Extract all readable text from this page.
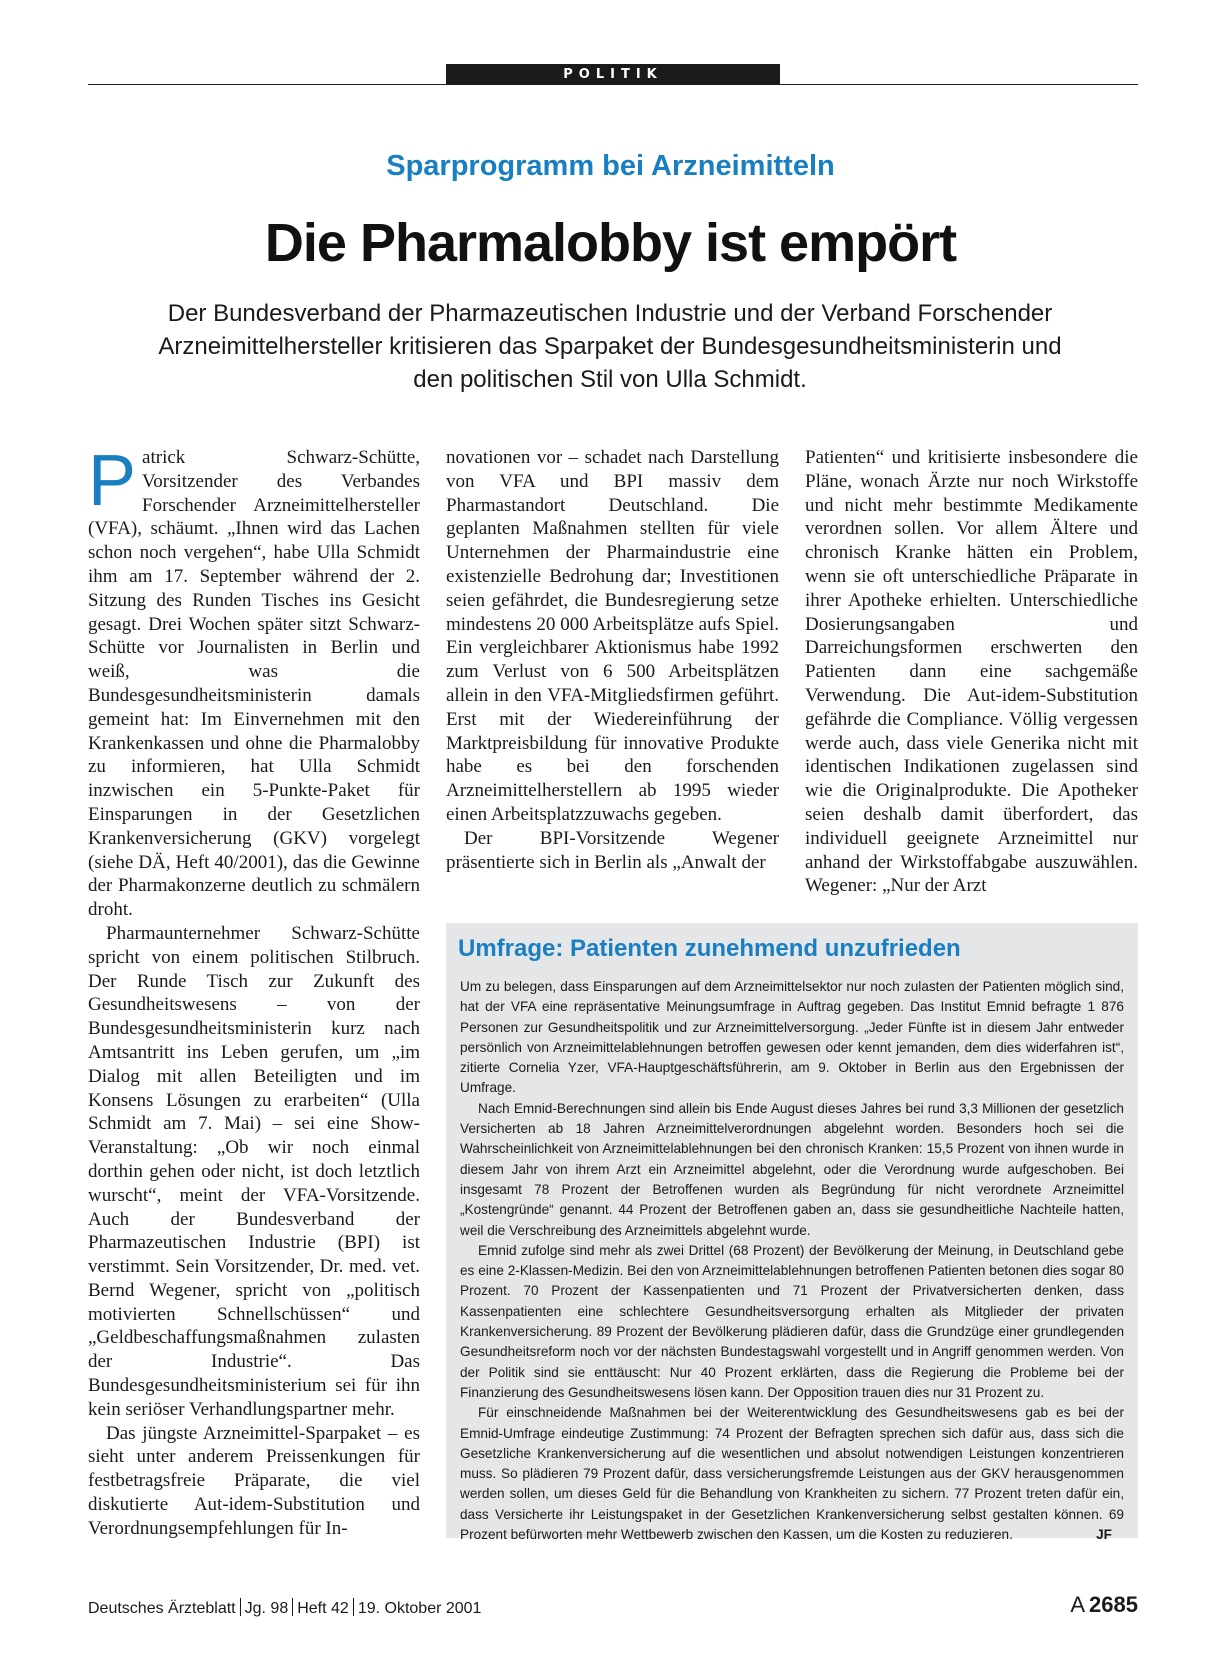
POLITIK
Sparprogramm bei Arzneimitteln
Die Pharmalobby ist empört
Der Bundesverband der Pharmazeutischen Industrie und der Verband Forschender Arzneimittelhersteller kritisieren das Sparpaket der Bundesgesundheitsministerin und den politischen Stil von Ulla Schmidt.

Patrick Schwarz-Schütte, Vorsitzender des Verbandes Forschender Arzneimittelhersteller (VFA), schäumt. „Ihnen wird das Lachen schon noch vergehen“, habe Ulla Schmidt ihm am 17. September während der 2. Sitzung des Runden Tisches ins Gesicht gesagt. Drei Wochen später sitzt Schwarz-Schütte vor Journalisten in Berlin und weiß, was die Bundesgesundheitsministerin damals gemeint hat: Im Einvernehmen mit den Krankenkassen und ohne die Pharmalobby zu informieren, hat Ulla Schmidt inzwischen ein 5-Punkte-Paket für Einsparungen in der Gesetzlichen Krankenversicherung (GKV) vorgelegt (siehe DÄ, Heft 40/2001), das die Gewinne der Pharmakonzerne deutlich zu schmälern droht.

Pharmaunternehmer Schwarz-Schütte spricht von einem politischen Stilbruch. Der Runde Tisch zur Zukunft des Gesundheitswesens – von der Bundesgesundheitsministerin kurz nach Amtsantritt ins Leben gerufen, um „im Dialog mit allen Beteiligten und im Konsens Lösungen zu erarbeiten“ (Ulla Schmidt am 7. Mai) – sei eine Show-Veranstaltung: „Ob wir noch einmal dorthin gehen oder nicht, ist doch letztlich wurscht“, meint der VFA-Vorsitzende. Auch der Bundesverband der Pharmazeutischen Industrie (BPI) ist verstimmt. Sein Vorsitzender, Dr. med. vet. Bernd Wegener, spricht von „politisch motivierten Schnellschüssen“ und „Geldbeschaffungsmaßnahmen zulasten der Industrie“. Das Bundesgesundheitsministerium sei für ihn kein seriöser Verhandlungspartner mehr.

Das jüngste Arzneimittel-Sparpaket – es sieht unter anderem Preissenkungen für festbetragsfreie Präparate, die viel diskutierte Aut-idem-Substitution und Verordnungsempfehlungen für In-

novationen vor – schadet nach Darstellung von VFA und BPI massiv dem Pharmastandort Deutschland. Die geplanten Maßnahmen stellten für viele Unternehmen der Pharmaindustrie eine existenzielle Bedrohung dar; Investitionen seien gefährdet, die Bundesregierung setze mindestens 20 000 Arbeitsplätze aufs Spiel. Ein vergleichbarer Aktionismus habe 1992 zum Verlust von 6 500 Arbeitsplätzen allein in den VFA-Mitgliedsfirmen geführt. Erst mit der Wiedereinführung der Marktpreisbildung für innovative Produkte habe es bei den forschenden Arzneimittelherstellern ab 1995 wieder einen Arbeitsplatzzuwachs gegeben.

Der BPI-Vorsitzende Wegener präsentierte sich in Berlin als „Anwalt der

Patienten“ und kritisierte insbesondere die Pläne, wonach Ärzte nur noch Wirkstoffe und nicht mehr bestimmte Medikamente verordnen sollen. Vor allem Ältere und chronisch Kranke hätten ein Problem, wenn sie oft unterschiedliche Präparate in ihrer Apotheke erhielten. Unterschiedliche Dosierungsangaben und Darreichungsformen erschwerten den Patienten dann eine sachgemäße Verwendung. Die Aut-idem-Substitution gefährde die Compliance. Völlig vergessen werde auch, dass viele Generika nicht mit identischen Indikationen zugelassen sind wie die Originalprodukte. Die Apotheker seien deshalb damit überfordert, das individuell geeignete Arzneimittel nur anhand der Wirkstoffabgabe auszuwählen. Wegener: „Nur der Arzt

Umfrage: Patienten zunehmend unzufrieden

Um zu belegen, dass Einsparungen auf dem Arzneimittelsektor nur noch zulasten der Patienten möglich sind, hat der VFA eine repräsentative Meinungsumfrage in Auftrag gegeben. Das Institut Emnid befragte 1 876 Personen zur Gesundheitspolitik und zur Arzneimittelversorgung. „Jeder Fünfte ist in diesem Jahr entweder persönlich von Arzneimittelablehnungen betroffen gewesen oder kennt jemanden, dem dies widerfahren ist“, zitierte Cornelia Yzer, VFA-Hauptgeschäftsführerin, am 9. Oktober in Berlin aus den Ergebnissen der Umfrage.

Nach Emnid-Berechnungen sind allein bis Ende August dieses Jahres bei rund 3,3 Millionen der gesetzlich Versicherten ab 18 Jahren Arzneimittelverordnungen abgelehnt worden. Besonders hoch sei die Wahrscheinlichkeit von Arzneimittelablehnungen bei den chronisch Kranken: 15,5 Prozent von ihnen wurde in diesem Jahr von ihrem Arzt ein Arzneimittel abgelehnt, oder die Verordnung wurde aufgeschoben. Bei insgesamt 78 Prozent der Betroffenen wurden als Begründung für nicht verordnete Arzneimittel „Kostengründe“ genannt. 44 Prozent der Betroffenen gaben an, dass sie gesundheitliche Nachteile hatten, weil die Verschreibung des Arzneimittels abgelehnt wurde.

Emnid zufolge sind mehr als zwei Drittel (68 Prozent) der Bevölkerung der Meinung, in Deutschland gebe es eine 2-Klassen-Medizin. Bei den von Arzneimittelablehnungen betroffenen Patienten betonen dies sogar 80 Prozent. 70 Prozent der Kassenpatienten und 71 Prozent der Privatversicherten denken, dass Kassenpatienten eine schlechtere Gesundheitsversorgung erhalten als Mitglieder der privaten Krankenversicherung. 89 Prozent der Bevölkerung plädieren dafür, dass die Grundzüge einer grundlegenden Gesundheitsreform noch vor der nächsten Bundestagswahl vorgestellt und in Angriff genommen werden. Von der Politik sind sie enttäuscht: Nur 40 Prozent erklärten, dass die Regierung die Probleme bei der Finanzierung des Gesundheitswesens lösen kann. Der Opposition trauen dies nur 31 Prozent zu.

Für einschneidende Maßnahmen bei der Weiterentwicklung des Gesundheitswesens gab es bei der Emnid-Umfrage eindeutige Zustimmung: 74 Prozent der Befragten sprechen sich dafür aus, dass sich die Gesetzliche Krankenversicherung auf die wesentlichen und absolut notwendigen Leistungen konzentrieren muss. So plädieren 79 Prozent dafür, dass versicherungsfremde Leistungen aus der GKV herausgenommen werden sollen, um dieses Geld für die Behandlung von Krankheiten zu sichern. 77 Prozent treten dafür ein, dass Versicherte ihr Leistungspaket in der Gesetzlichen Krankenversicherung selbst gestalten können. 69 Prozent befürworten mehr Wettbewerb zwischen den Kassen, um die Kosten zu reduzieren.	JF

Deutsches Ärzteblatt Jg. 98 Heft 42 19. Oktober 2001	A 2685
